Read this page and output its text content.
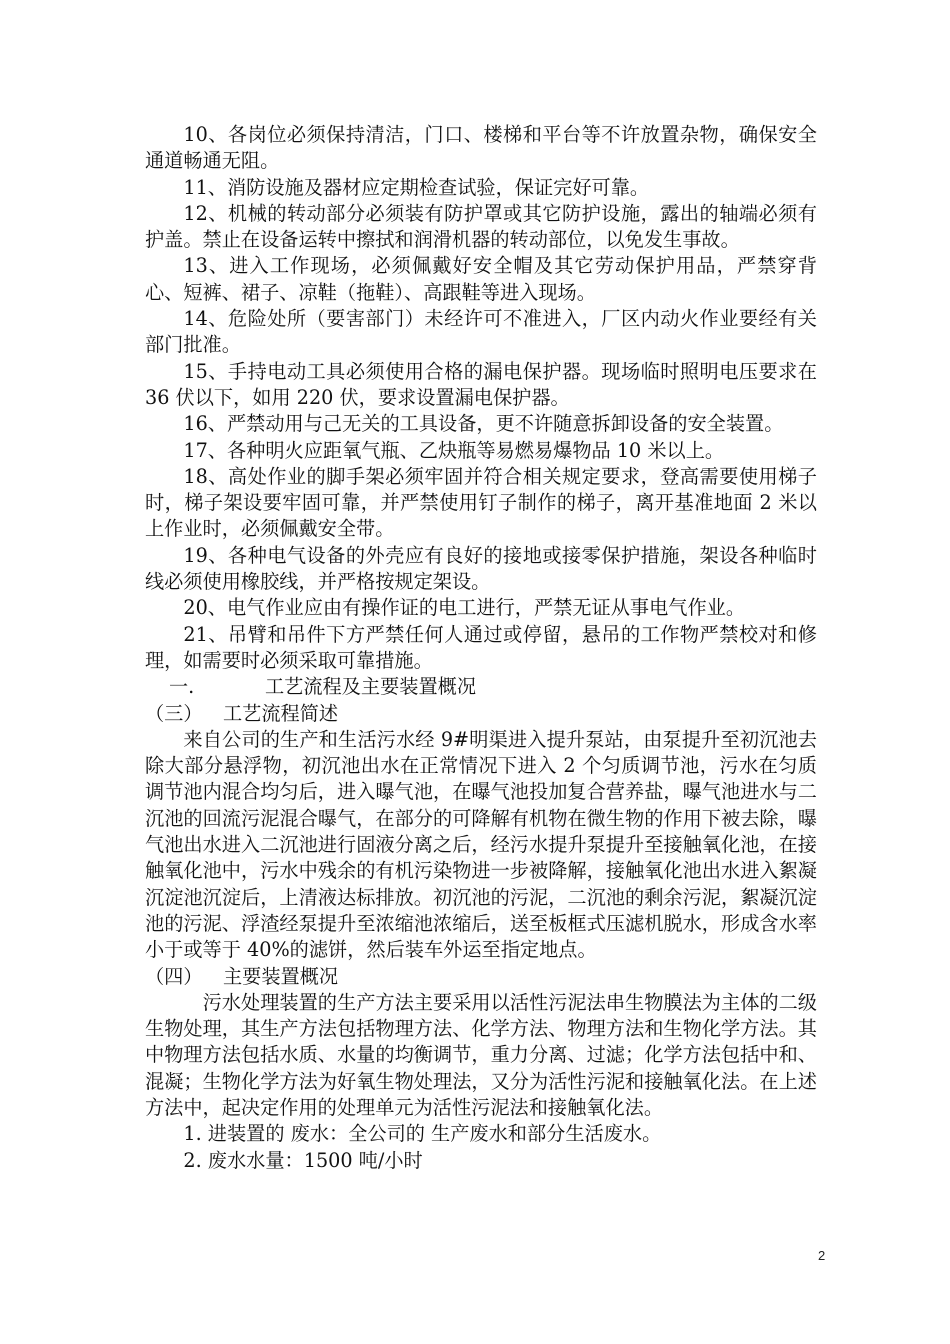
10、各岗位必须保持清洁，门口、楼梯和平台等不许放置杂物，确保安全通道畅通无阻。

11、消防设施及器材应定期检查试验，保证完好可靠。

12、机械的转动部分必须装有防护罩或其它防护设施，露出的轴端必须有护盖。禁止在设备运转中擦拭和润滑机器的转动部位，以免发生事故。

13、进入工作现场，必须佩戴好安全帽及其它劳动保护用品，严禁穿背心、短裤、裙子、凉鞋（拖鞋）、高跟鞋等进入现场。

14、危险处所（要害部门）未经许可不准进入，厂区内动火作业要经有关部门批准。

15、手持电动工具必须使用合格的漏电保护器。现场临时照明电压要求在 36 伏以下，如用 220 伏，要求设置漏电保护器。

16、严禁动用与己无关的工具设备，更不许随意拆卸设备的安全装置。

17、各种明火应距氧气瓶、乙炔瓶等易燃易爆物品 10 米以上。

18、高处作业的脚手架必须牢固并符合相关规定要求，登高需要使用梯子时，梯子架设要牢固可靠，并严禁使用钉子制作的梯子，离开基准地面 2 米以上作业时，必须佩戴安全带。

19、各种电气设备的外壳应有良好的接地或接零保护措施，架设各种临时线必须使用橡胶线，并严格按规定架设。

20、电气作业应由有操作证的电工进行，严禁无证从事电气作业。

21、吊臂和吊件下方严禁任何人通过或停留，悬吊的工作物严禁校对和修理，如需要时必须采取可靠措施。

一.	工艺流程及主要装置概况

（三） 工艺流程简述

来自公司的生产和生活污水经 9#明渠进入提升泵站，由泵提升至初沉池去除大部分悬浮物，初沉池出水在正常情况下进入 2 个匀质调节池，污水在匀质调节池内混合均匀后，进入曝气池，在曝气池投加复合营养盐，曝气池进水与二沉池的回流污泥混合曝气，在部分的可降解有机物在微生物的作用下被去除，曝气池出水进入二沉池进行固液分离之后，经污水提升泵提升至接触氧化池，在接触氧化池中，污水中残余的有机污染物进一步被降解，接触氧化池出水进入絮凝沉淀池沉淀后，上清液达标排放。初沉池的污泥，二沉池的剩余污泥，絮凝沉淀池的污泥、浮渣经泵提升至浓缩池浓缩后，送至板框式压滤机脱水，形成含水率小于或等于 40%的滤饼，然后装车外运至指定地点。

（四） 主要装置概况

污水处理装置的生产方法主要采用以活性污泥法串生物膜法为主体的二级生物处理，其生产方法包括物理方法、化学方法、物理方法和生物化学方法。其中物理方法包括水质、水量的均衡调节，重力分离、过滤；化学方法包括中和、混凝；生物化学方法为好氧生物处理法，又分为活性污泥和接触氧化法。在上述方法中，起决定作用的处理单元为活性污泥法和接触氧化法。

1. 进装置的 废水：全公司的 生产废水和部分生活废水。

2. 废水水量：1500 吨/小时

2
